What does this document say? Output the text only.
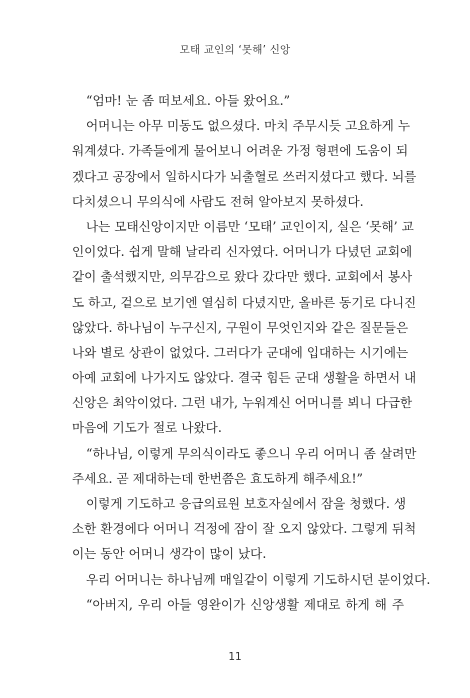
모태 교인의 ‘못해’ 신앙
“엄마! 눈 좀 떠보세요. 아들 왔어요.”
어머니는 아무 미동도 없으셨다. 마치 주무시듯 고요하게 누
워계셨다. 가족들에게 물어보니 어려운 가정 형편에 도움이 되
겠다고 공장에서 일하시다가 뇌출혈로 쓰러지셨다고 했다. 뇌를
다치셨으니 무의식에 사람도 전혀 알아보지 못하셨다.
나는 모태신앙이지만 이름만 ‘모태’ 교인이지, 실은 ‘못해’ 교
인이었다. 쉽게 말해 날라리 신자였다. 어머니가 다녔던 교회에
같이 출석했지만, 의무감으로 왔다 갔다만 했다. 교회에서 봉사
도 하고, 겉으로 보기엔 열심히 다녔지만, 올바른 동기로 다니진
않았다. 하나님이 누구신지, 구원이 무엇인지와 같은 질문들은
나와 별로 상관이 없었다. 그러다가 군대에 입대하는 시기에는
아예 교회에 나가지도 않았다. 결국 힘든 군대 생활을 하면서 내
신앙은 최악이었다. 그런 내가, 누워계신 어머니를 뵈니 다급한
마음에 기도가 절로 나왔다.
“하나님, 이렇게 무의식이라도 좋으니 우리 어머니 좀 살려만
주세요. 곧 제대하는데 한번쯤은 효도하게 해주세요!”
이렇게 기도하고 응급의료원 보호자실에서 잠을 청했다. 생
소한 환경에다 어머니 걱정에 잠이 잘 오지 않았다. 그렇게 뒤척
이는 동안 어머니 생각이 많이 났다.
우리 어머니는 하나님께 매일같이 이렇게 기도하시던 분이었다.
“아버지, 우리 아들 영완이가 신앙생활 제대로 하게 해 주
11
